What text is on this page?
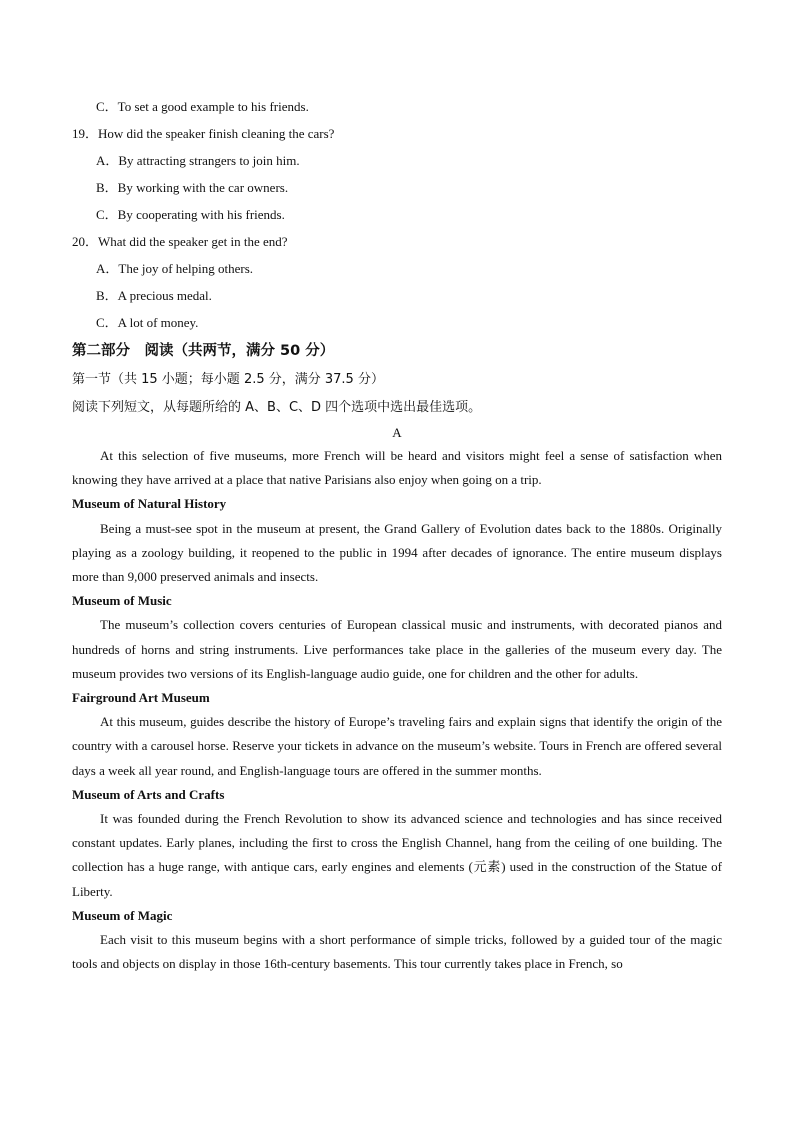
C．To set a good example to his friends.

19．How did the speaker finish cleaning the cars?

A．By attracting strangers to join him.

B．By working with the car owners.

C．By cooperating with his friends.

20．What did the speaker get in the end?

A．The joy of helping others.

B．A precious medal.

C．A lot of money.

第二部分　阅读（共两节，满分 50 分）

第一节（共 15 小题；每小题 2.5 分，满分 37.5 分）

阅读下列短文，从每题所给的 A、B、C、D 四个选项中选出最佳选项。

A

At this selection of five museums, more French will be heard and visitors might feel a sense of satisfaction when knowing they have arrived at a place that native Parisians also enjoy when going on a trip.

Museum of Natural History

Being a must-see spot in the museum at present, the Grand Gallery of Evolution dates back to the 1880s. Originally playing as a zoology building, it reopened to the public in 1994 after decades of ignorance. The entire museum displays more than 9,000 preserved animals and insects.

Museum of Music

The museum’s collection covers centuries of European classical music and instruments, with decorated pianos and hundreds of horns and string instruments. Live performances take place in the galleries of the museum every day. The museum provides two versions of its English-language audio guide, one for children and the other for adults.

Fairground Art Museum

At this museum, guides describe the history of Europe’s traveling fairs and explain signs that identify the origin of the country with a carousel horse. Reserve your tickets in advance on the museum’s website. Tours in French are offered several days a week all year round, and English-language tours are offered in the summer months.

Museum of Arts and Crafts

It was founded during the French Revolution to show its advanced science and technologies and has since received constant updates. Early planes, including the first to cross the English Channel, hang from the ceiling of one building. The collection has a huge range, with antique cars, early engines and elements (元素) used in the construction of the Statue of Liberty.

Museum of Magic

Each visit to this museum begins with a short performance of simple tricks, followed by a guided tour of the magic tools and objects on display in those 16th-century basements. This tour currently takes place in French, so
